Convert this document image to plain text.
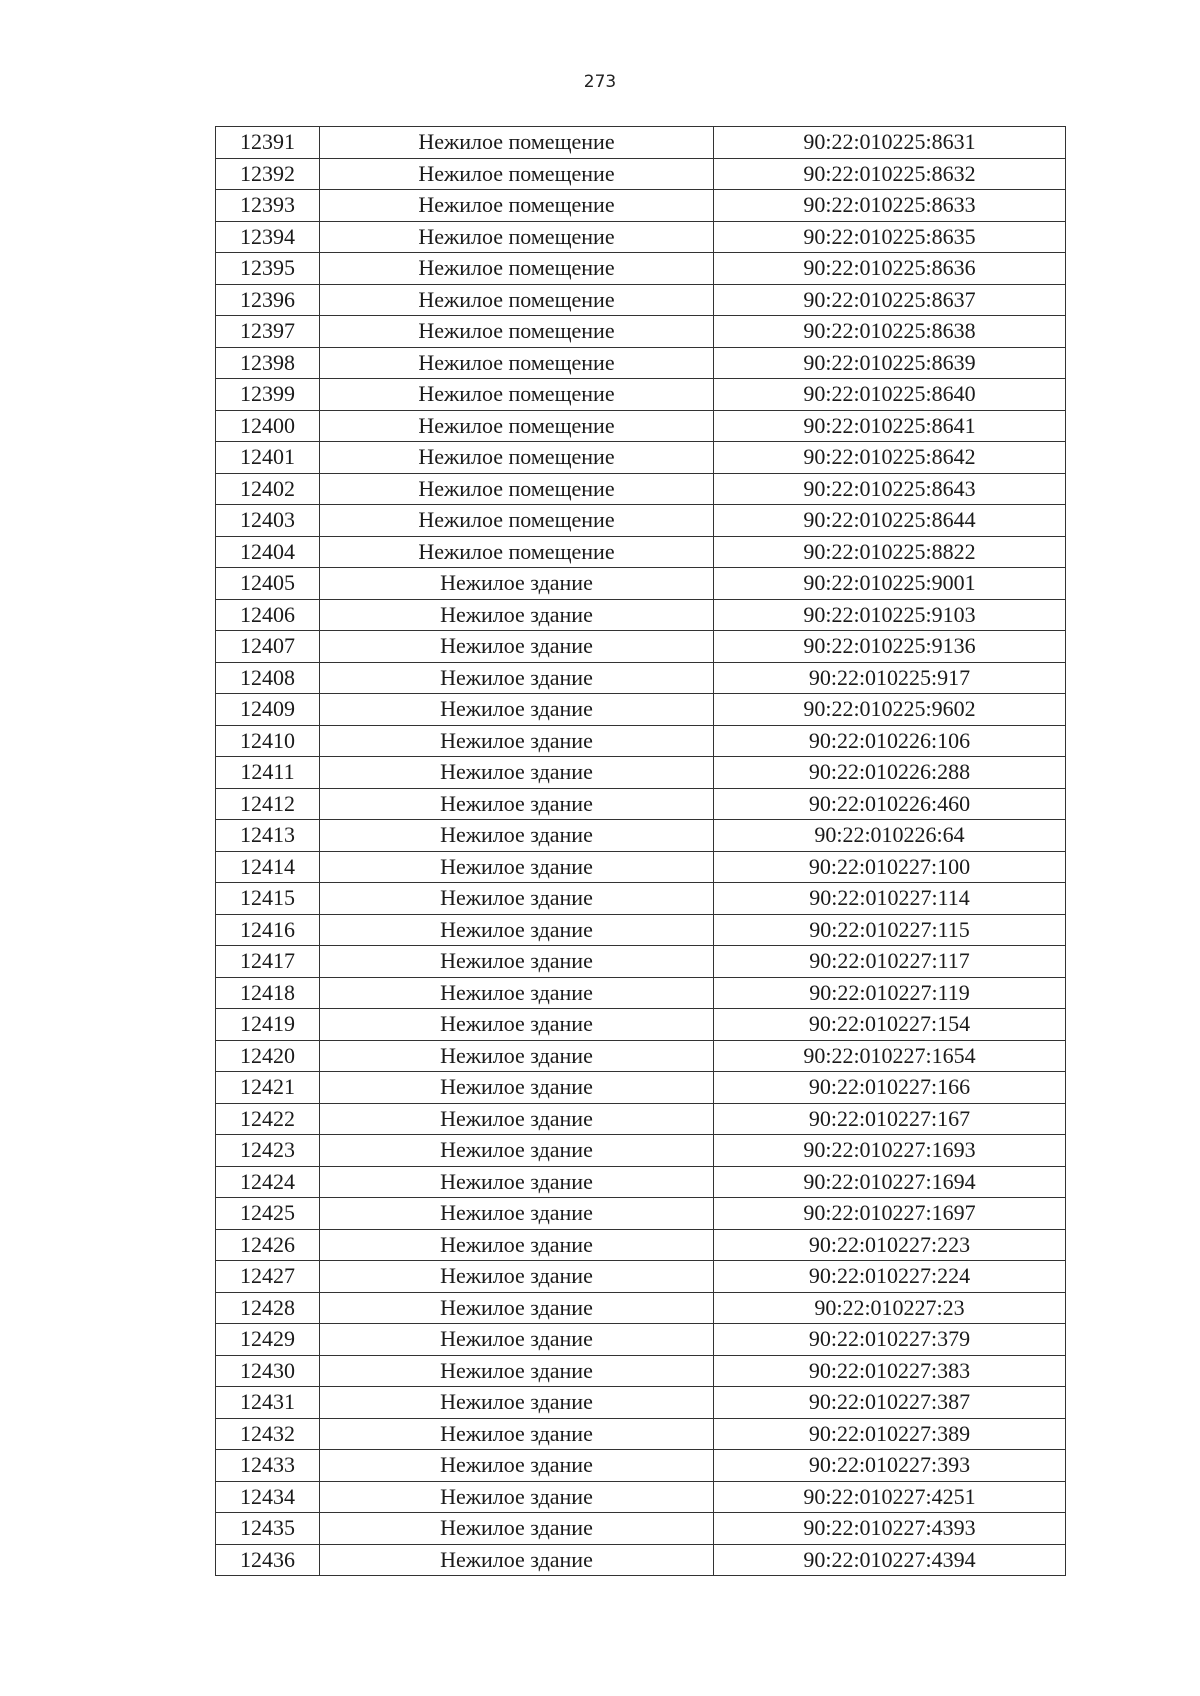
273
12391	Нежилое помещение	90:22:010225:8631
12392	Нежилое помещение	90:22:010225:8632
12393	Нежилое помещение	90:22:010225:8633
12394	Нежилое помещение	90:22:010225:8635
12395	Нежилое помещение	90:22:010225:8636
12396	Нежилое помещение	90:22:010225:8637
12397	Нежилое помещение	90:22:010225:8638
12398	Нежилое помещение	90:22:010225:8639
12399	Нежилое помещение	90:22:010225:8640
12400	Нежилое помещение	90:22:010225:8641
12401	Нежилое помещение	90:22:010225:8642
12402	Нежилое помещение	90:22:010225:8643
12403	Нежилое помещение	90:22:010225:8644
12404	Нежилое помещение	90:22:010225:8822
12405	Нежилое здание	90:22:010225:9001
12406	Нежилое здание	90:22:010225:9103
12407	Нежилое здание	90:22:010225:9136
12408	Нежилое здание	90:22:010225:917
12409	Нежилое здание	90:22:010225:9602
12410	Нежилое здание	90:22:010226:106
12411	Нежилое здание	90:22:010226:288
12412	Нежилое здание	90:22:010226:460
12413	Нежилое здание	90:22:010226:64
12414	Нежилое здание	90:22:010227:100
12415	Нежилое здание	90:22:010227:114
12416	Нежилое здание	90:22:010227:115
12417	Нежилое здание	90:22:010227:117
12418	Нежилое здание	90:22:010227:119
12419	Нежилое здание	90:22:010227:154
12420	Нежилое здание	90:22:010227:1654
12421	Нежилое здание	90:22:010227:166
12422	Нежилое здание	90:22:010227:167
12423	Нежилое здание	90:22:010227:1693
12424	Нежилое здание	90:22:010227:1694
12425	Нежилое здание	90:22:010227:1697
12426	Нежилое здание	90:22:010227:223
12427	Нежилое здание	90:22:010227:224
12428	Нежилое здание	90:22:010227:23
12429	Нежилое здание	90:22:010227:379
12430	Нежилое здание	90:22:010227:383
12431	Нежилое здание	90:22:010227:387
12432	Нежилое здание	90:22:010227:389
12433	Нежилое здание	90:22:010227:393
12434	Нежилое здание	90:22:010227:4251
12435	Нежилое здание	90:22:010227:4393
12436	Нежилое здание	90:22:010227:4394
